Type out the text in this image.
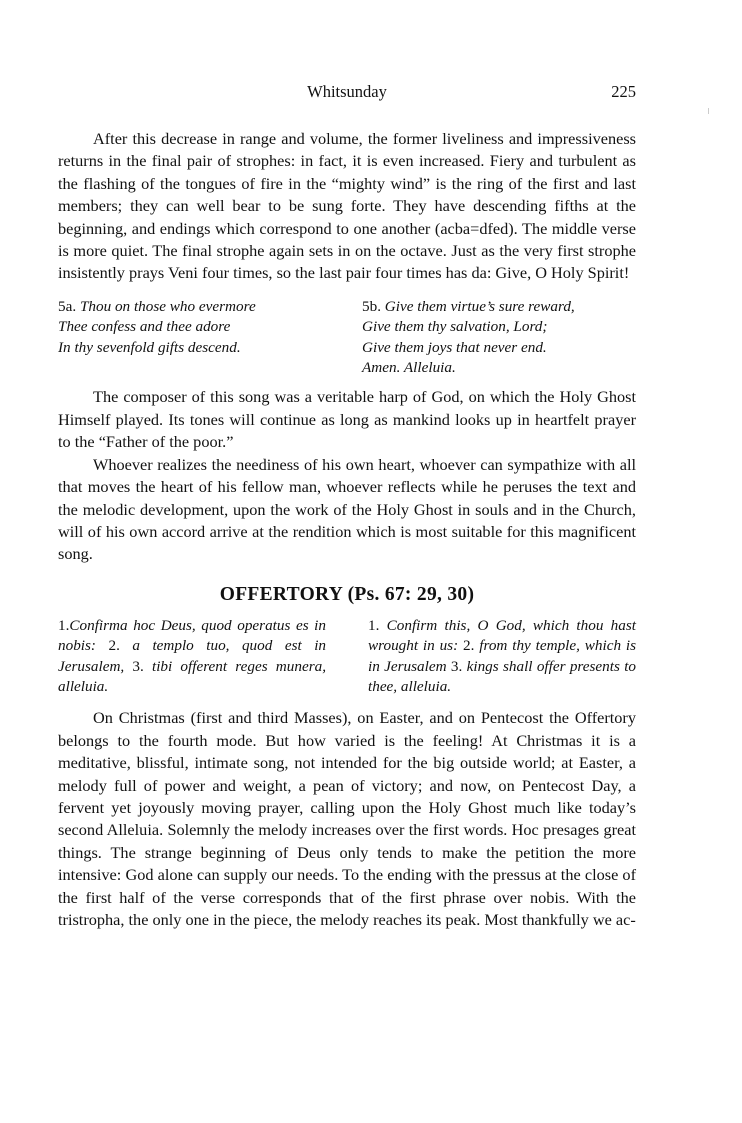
Whitsunday	225

After this decrease in range and volume, the former liveliness and impressiveness returns in the final pair of strophes: in fact, it is even increased. Fiery and turbulent as the flashing of the tongues of fire in the “mighty wind” is the ring of the first and last members; they can well bear to be sung forte. They have descending fifths at the beginning, and endings which correspond to one another (acba=dfed). The middle verse is more quiet. The final strophe again sets in on the octave. Just as the very first strophe insistently prays Veni four times, so the last pair four times has da: Give, O Holy Spirit!

5a. Thou on those who evermore
Thee confess and thee adore
In thy sevenfold gifts descend.
5b. Give them virtue’s sure reward,
Give them thy salvation, Lord;
Give them joys that never end.
Amen. Alleluia.

The composer of this song was a veritable harp of God, on which the Holy Ghost Himself played. Its tones will continue as long as mankind looks up in heartfelt prayer to the “Father of the poor.”

Whoever realizes the neediness of his own heart, whoever can sympathize with all that moves the heart of his fellow man, whoever reflects while he peruses the text and the melodic development, upon the work of the Holy Ghost in souls and in the Church, will of his own accord arrive at the rendition which is most suitable for this magnificent song.

OFFERTORY (Ps. 67: 29, 30)
1.Confirma hoc Deus, quod operatus es in nobis: 2. a templo tuo, quod est in Jerusalem, 3. tibi offerent reges munera, alleluia.
1. Confirm this, O God, which thou hast wrought in us: 2. from thy temple, which is in Jerusalem 3. kings shall offer presents to thee, alleluia.

On Christmas (first and third Masses), on Easter, and on Pentecost the Offertory belongs to the fourth mode. But how varied is the feeling! At Christmas it is a meditative, blissful, intimate song, not intended for the big outside world; at Easter, a melody full of power and weight, a pean of victory; and now, on Pentecost Day, a fervent yet joyously moving prayer, calling upon the Holy Ghost much like today’s second Alleluia. Solemnly the melody increases over the first words. Hoc presages great things. The strange beginning of Deus only tends to make the petition the more intensive: God alone can supply our needs. To the ending with the pressus at the close of the first half of the verse corresponds that of the first phrase over nobis. With the tristropha, the only one in the piece, the melody reaches its peak. Most thankfully we ac-
